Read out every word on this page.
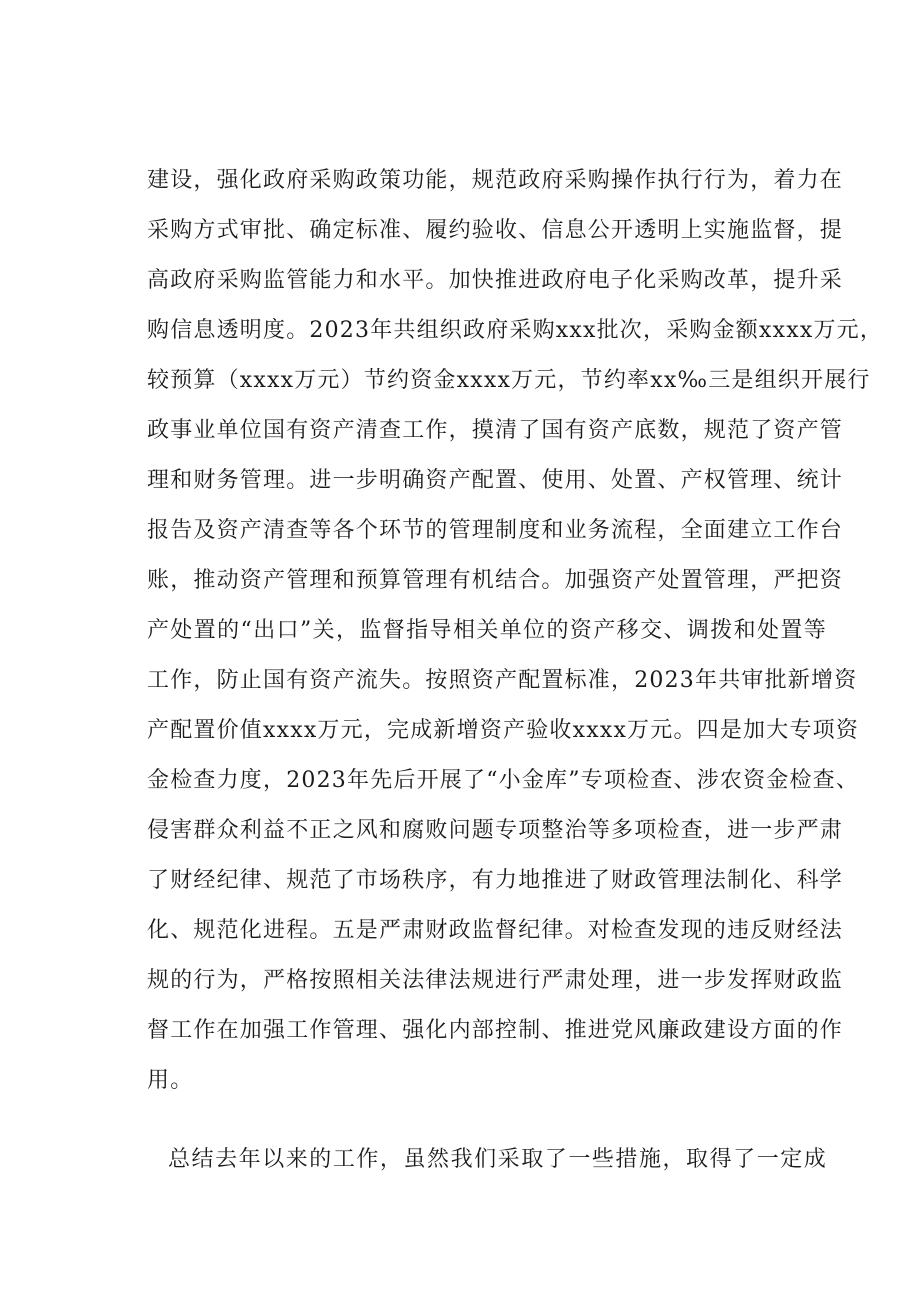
建设，强化政府采购政策功能，规范政府采购操作执行行为，着力在
采购方式审批、确定标准、履约验收、信息公开透明上实施监督，提
高政府采购监管能力和水平。加快推进政府电子化采购改革，提升采
购信息透明度。2023年共组织政府采购xxx批次，采购金额xxxx万元，
较预算（xxxx万元）节约资金xxxx万元，节约率xx‰三是组织开展行
政事业单位国有资产清查工作，摸清了国有资产底数，规范了资产管
理和财务管理。进一步明确资产配置、使用、处置、产权管理、统计
报告及资产清查等各个环节的管理制度和业务流程，全面建立工作台
账，推动资产管理和预算管理有机结合。加强资产处置管理，严把资
产处置的“出口”关，监督指导相关单位的资产移交、调拨和处置等
工作，防止国有资产流失。按照资产配置标准，2023年共审批新增资
产配置价值xxxx万元，完成新增资产验收xxxx万元。四是加大专项资
金检查力度，2023年先后开展了“小金库”专项检查、涉农资金检查、
侵害群众利益不正之风和腐败问题专项整治等多项检查，进一步严肃
了财经纪律、规范了市场秩序，有力地推进了财政管理法制化、科学
化、规范化进程。五是严肃财政监督纪律。对检查发现的违反财经法
规的行为，严格按照相关法律法规进行严肃处理，进一步发挥财政监
督工作在加强工作管理、强化内部控制、推进党风廉政建设方面的作
用。
总结去年以来的工作，虽然我们采取了一些措施，取得了一定成
